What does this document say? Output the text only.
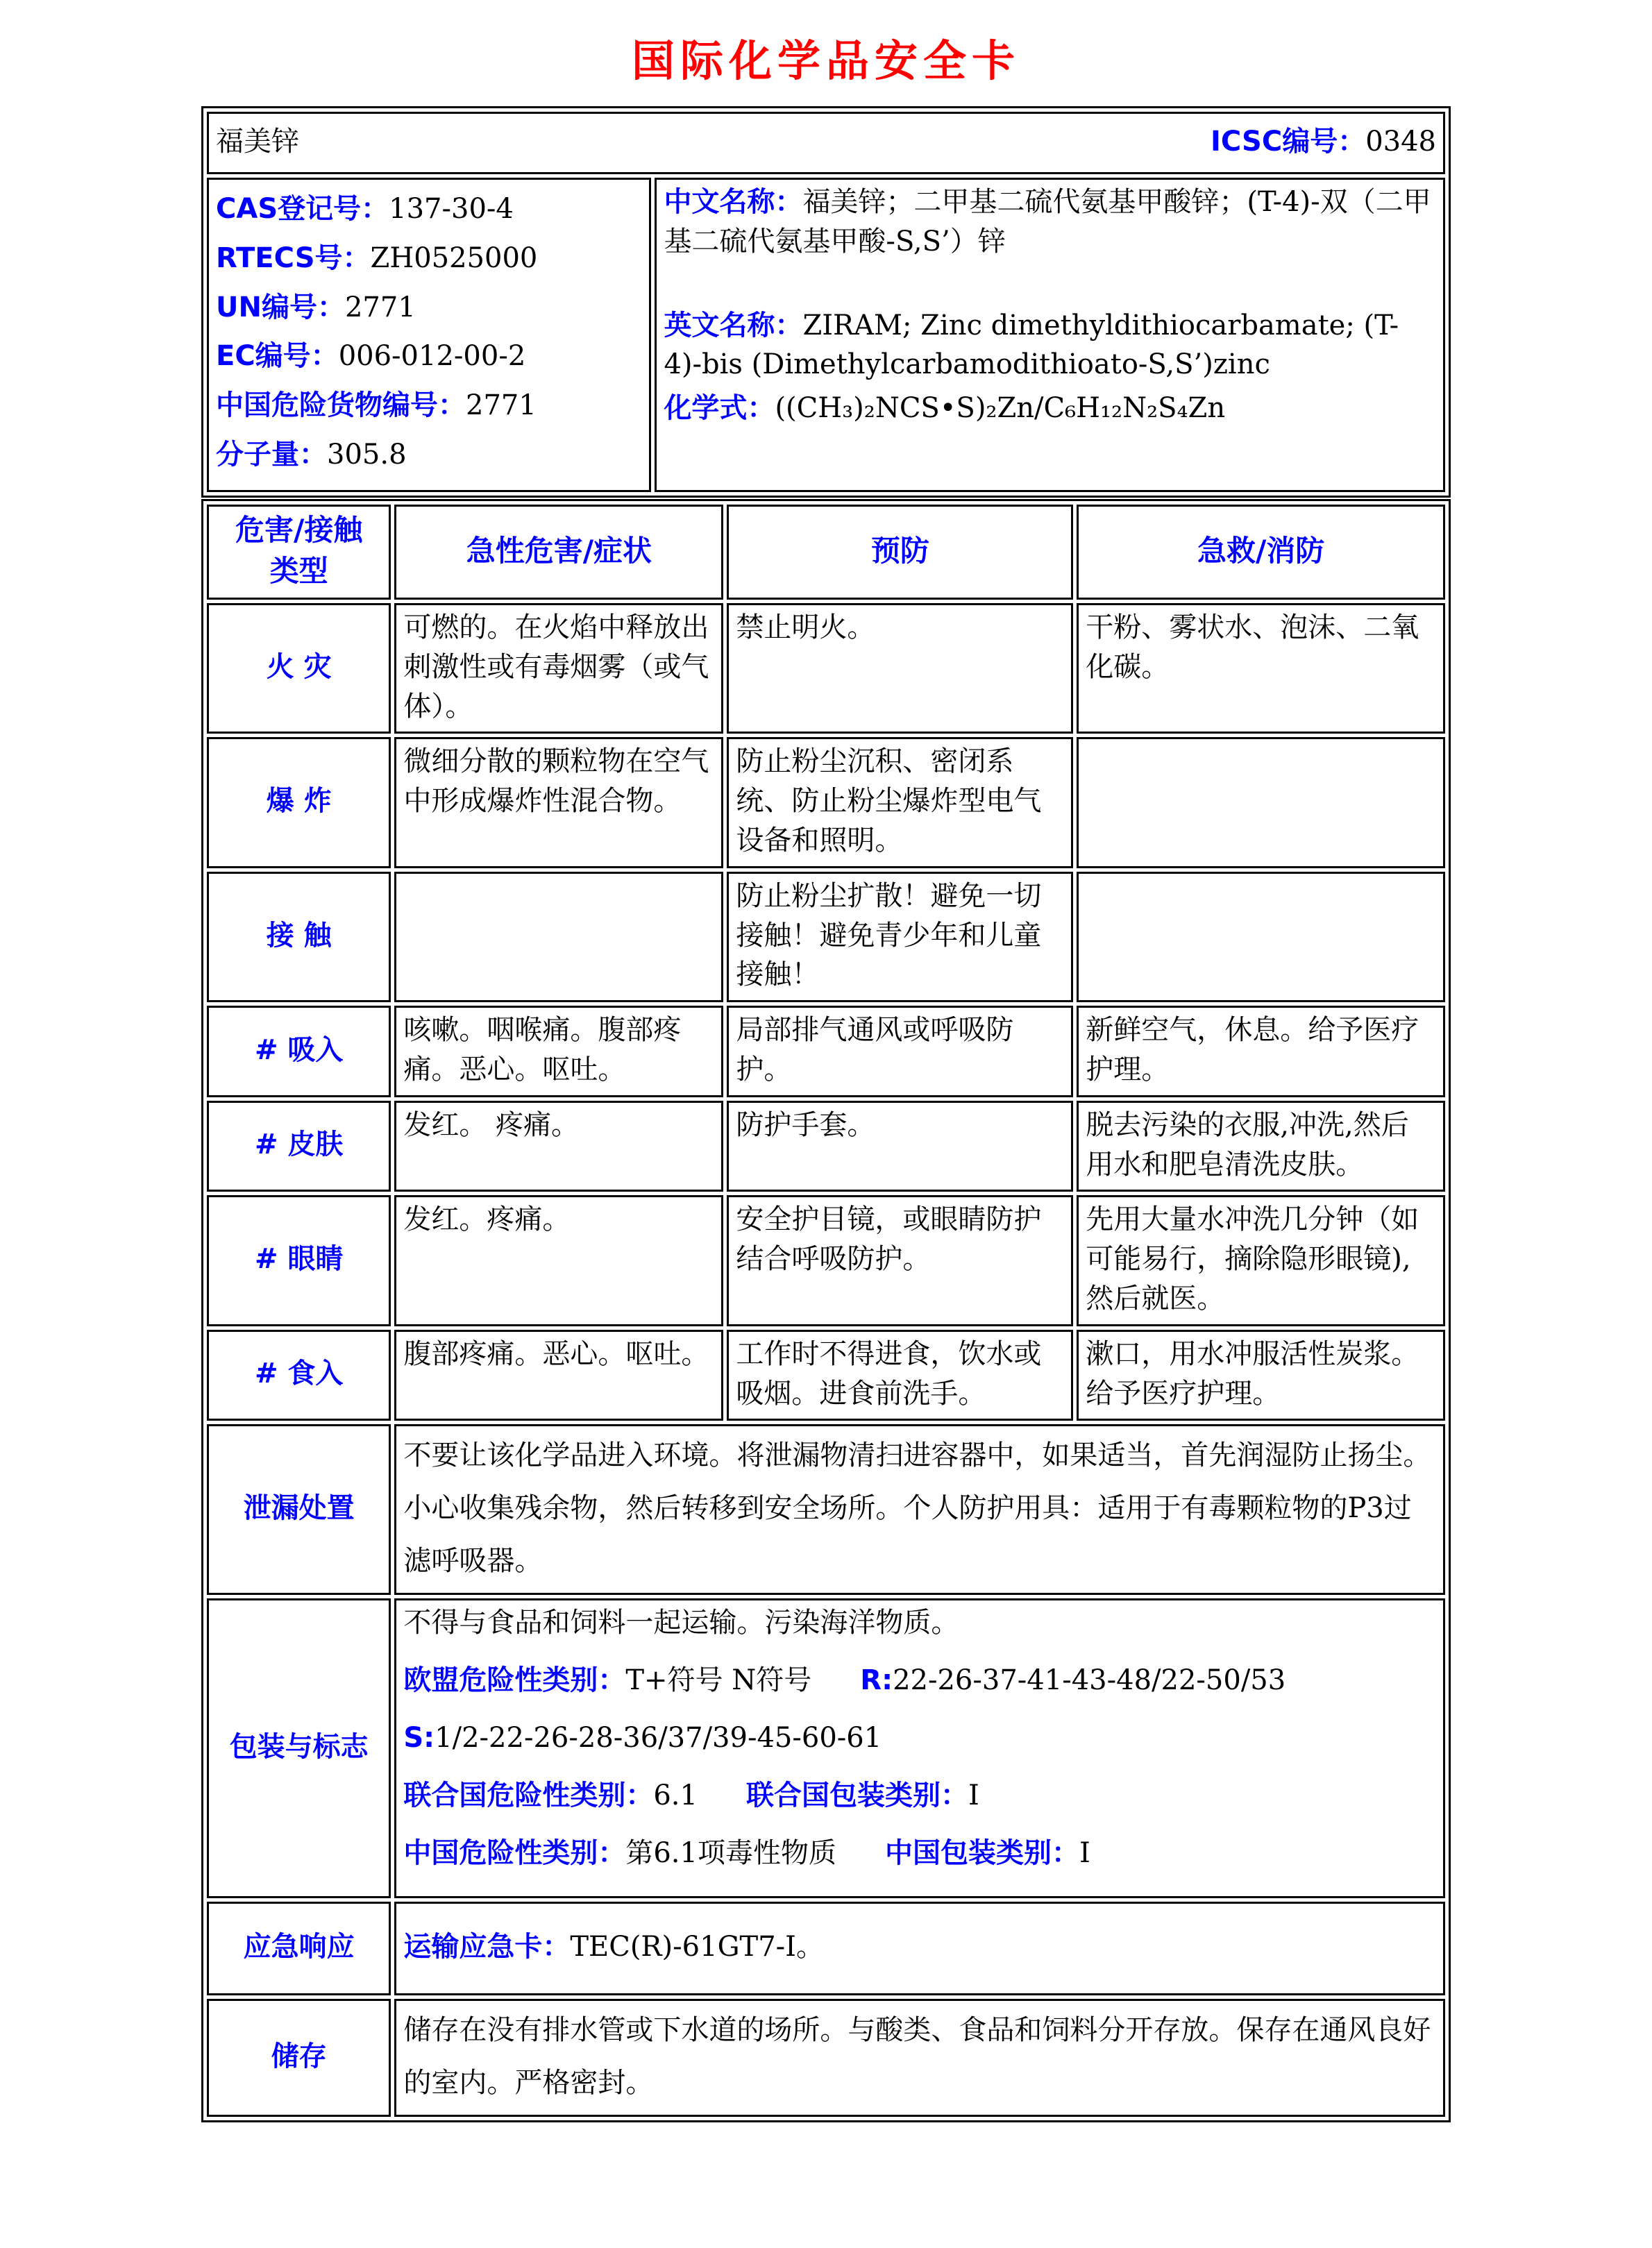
国际化学品安全卡
福美锌	ICSC编号：0348

CAS登记号：137-30-4
RTECS号：ZH0525000
UN编号：2771
EC编号：006-012-00-2
中国危险货物编号：2771
分子量：305.8

中文名称：福美锌；二甲基二硫代氨基甲酸锌；(T-4)-双（二甲基二硫代氨基甲酸-S,S’）锌
英文名称：ZIRAM; Zinc dimethyldithiocarbamate; (T-4)-bis (Dimethylcarbamodithioato-S,S’)zinc
化学式：((CH₃)₂NCS•S)₂Zn/C₆H₁₂N₂S₄Zn
危害/接触 类型	急性危害/症状	预防	急救/消防
火 灾	可燃的。在火焰中释放出刺激性或有毒烟雾（或气体）。	禁止明火。	干粉、雾状水、泡沫、二氧化碳。
爆 炸	微细分散的颗粒物在空气中形成爆炸性混合物。	防止粉尘沉积、密闭系统、防止粉尘爆炸型电气设备和照明。	
接 触		防止粉尘扩散！避免一切接触！避免青少年和儿童接触！	
# 吸入	咳嗽。咽喉痛。腹部疼痛。恶心。呕吐。	局部排气通风或呼吸防护。	新鲜空气，休息。给予医疗护理。
# 皮肤	发红。 疼痛。	防护手套。	脱去污染的衣服,冲洗,然后用水和肥皂清洗皮肤。
# 眼睛	发红。疼痛。	安全护目镜，或眼睛防护结合呼吸防护。	先用大量水冲洗几分钟（如可能易行，摘除隐形眼镜),然后就医。
# 食入	腹部疼痛。恶心。呕吐。	工作时不得进食，饮水或吸烟。进食前洗手。	漱口，用水冲服活性炭浆。给予医疗护理。
泄漏处置	不要让该化学品进入环境。将泄漏物清扫进容器中，如果适当，首先润湿防止扬尘。小心收集残余物，然后转移到安全场所。个人防护用具：适用于有毒颗粒物的P3过滤呼吸器。		
包装与标志	不得与食品和饲料一起运输。污染海洋物质。
欧盟危险性类别：T+符号 N符号 R:22-26-37-41-43-48/22-50/53
S:1/2-22-26-28-36/37/39-45-60-61
联合国危险性类别：6.1 联合国包装类别：I
中国危险性类别：第6.1项毒性物质 中国包装类别：I		

应急响应	运输应急卡：TEC(R)-61GT7-I。		
储存	储存在没有排水管或下水道的场所。与酸类、食品和饲料分开存放。保存在通风良好的室内。严格密封。		
